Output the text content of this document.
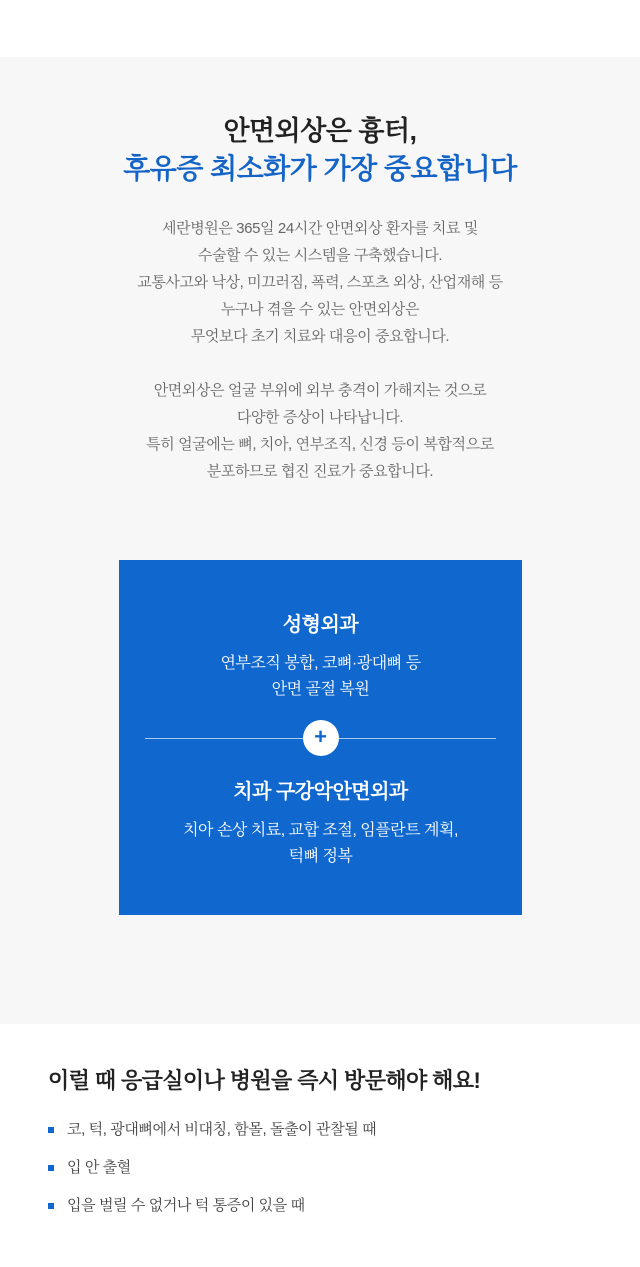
안면외상은 흉터,
후유증 최소화가 가장 중요합니다

세란병원은 365일 24시간 안면외상 환자를 치료 및

수술할 수 있는 시스템을 구축했습니다.

교통사고와 낙상, 미끄러짐, 폭력, 스포츠 외상, 산업재해 등

누구나 겪을 수 있는 안면외상은

무엇보다 초기 치료와 대응이 중요합니다.

안면외상은 얼굴 부위에 외부 충격이 가해지는 것으로

다양한 증상이 나타납니다.

특히 얼굴에는 뼈, 치아, 연부조직, 신경 등이 복합적으로

분포하므로 협진 진료가 중요합니다.

성형외과
연부조직 봉합, 코뼈·광대뼈 등
안면 골절 복원
+
치과 구강악안면외과
치아 손상 치료, 교합 조절, 임플란트 계획,
턱뼈 정복
이럴 때 응급실이나 병원을 즉시 방문해야 해요!
코, 턱, 광대뼈에서 비대칭, 함몰, 돌출이 관찰될 때
입 안 출혈
입을 벌릴 수 없거나 턱 통증이 있을 때
